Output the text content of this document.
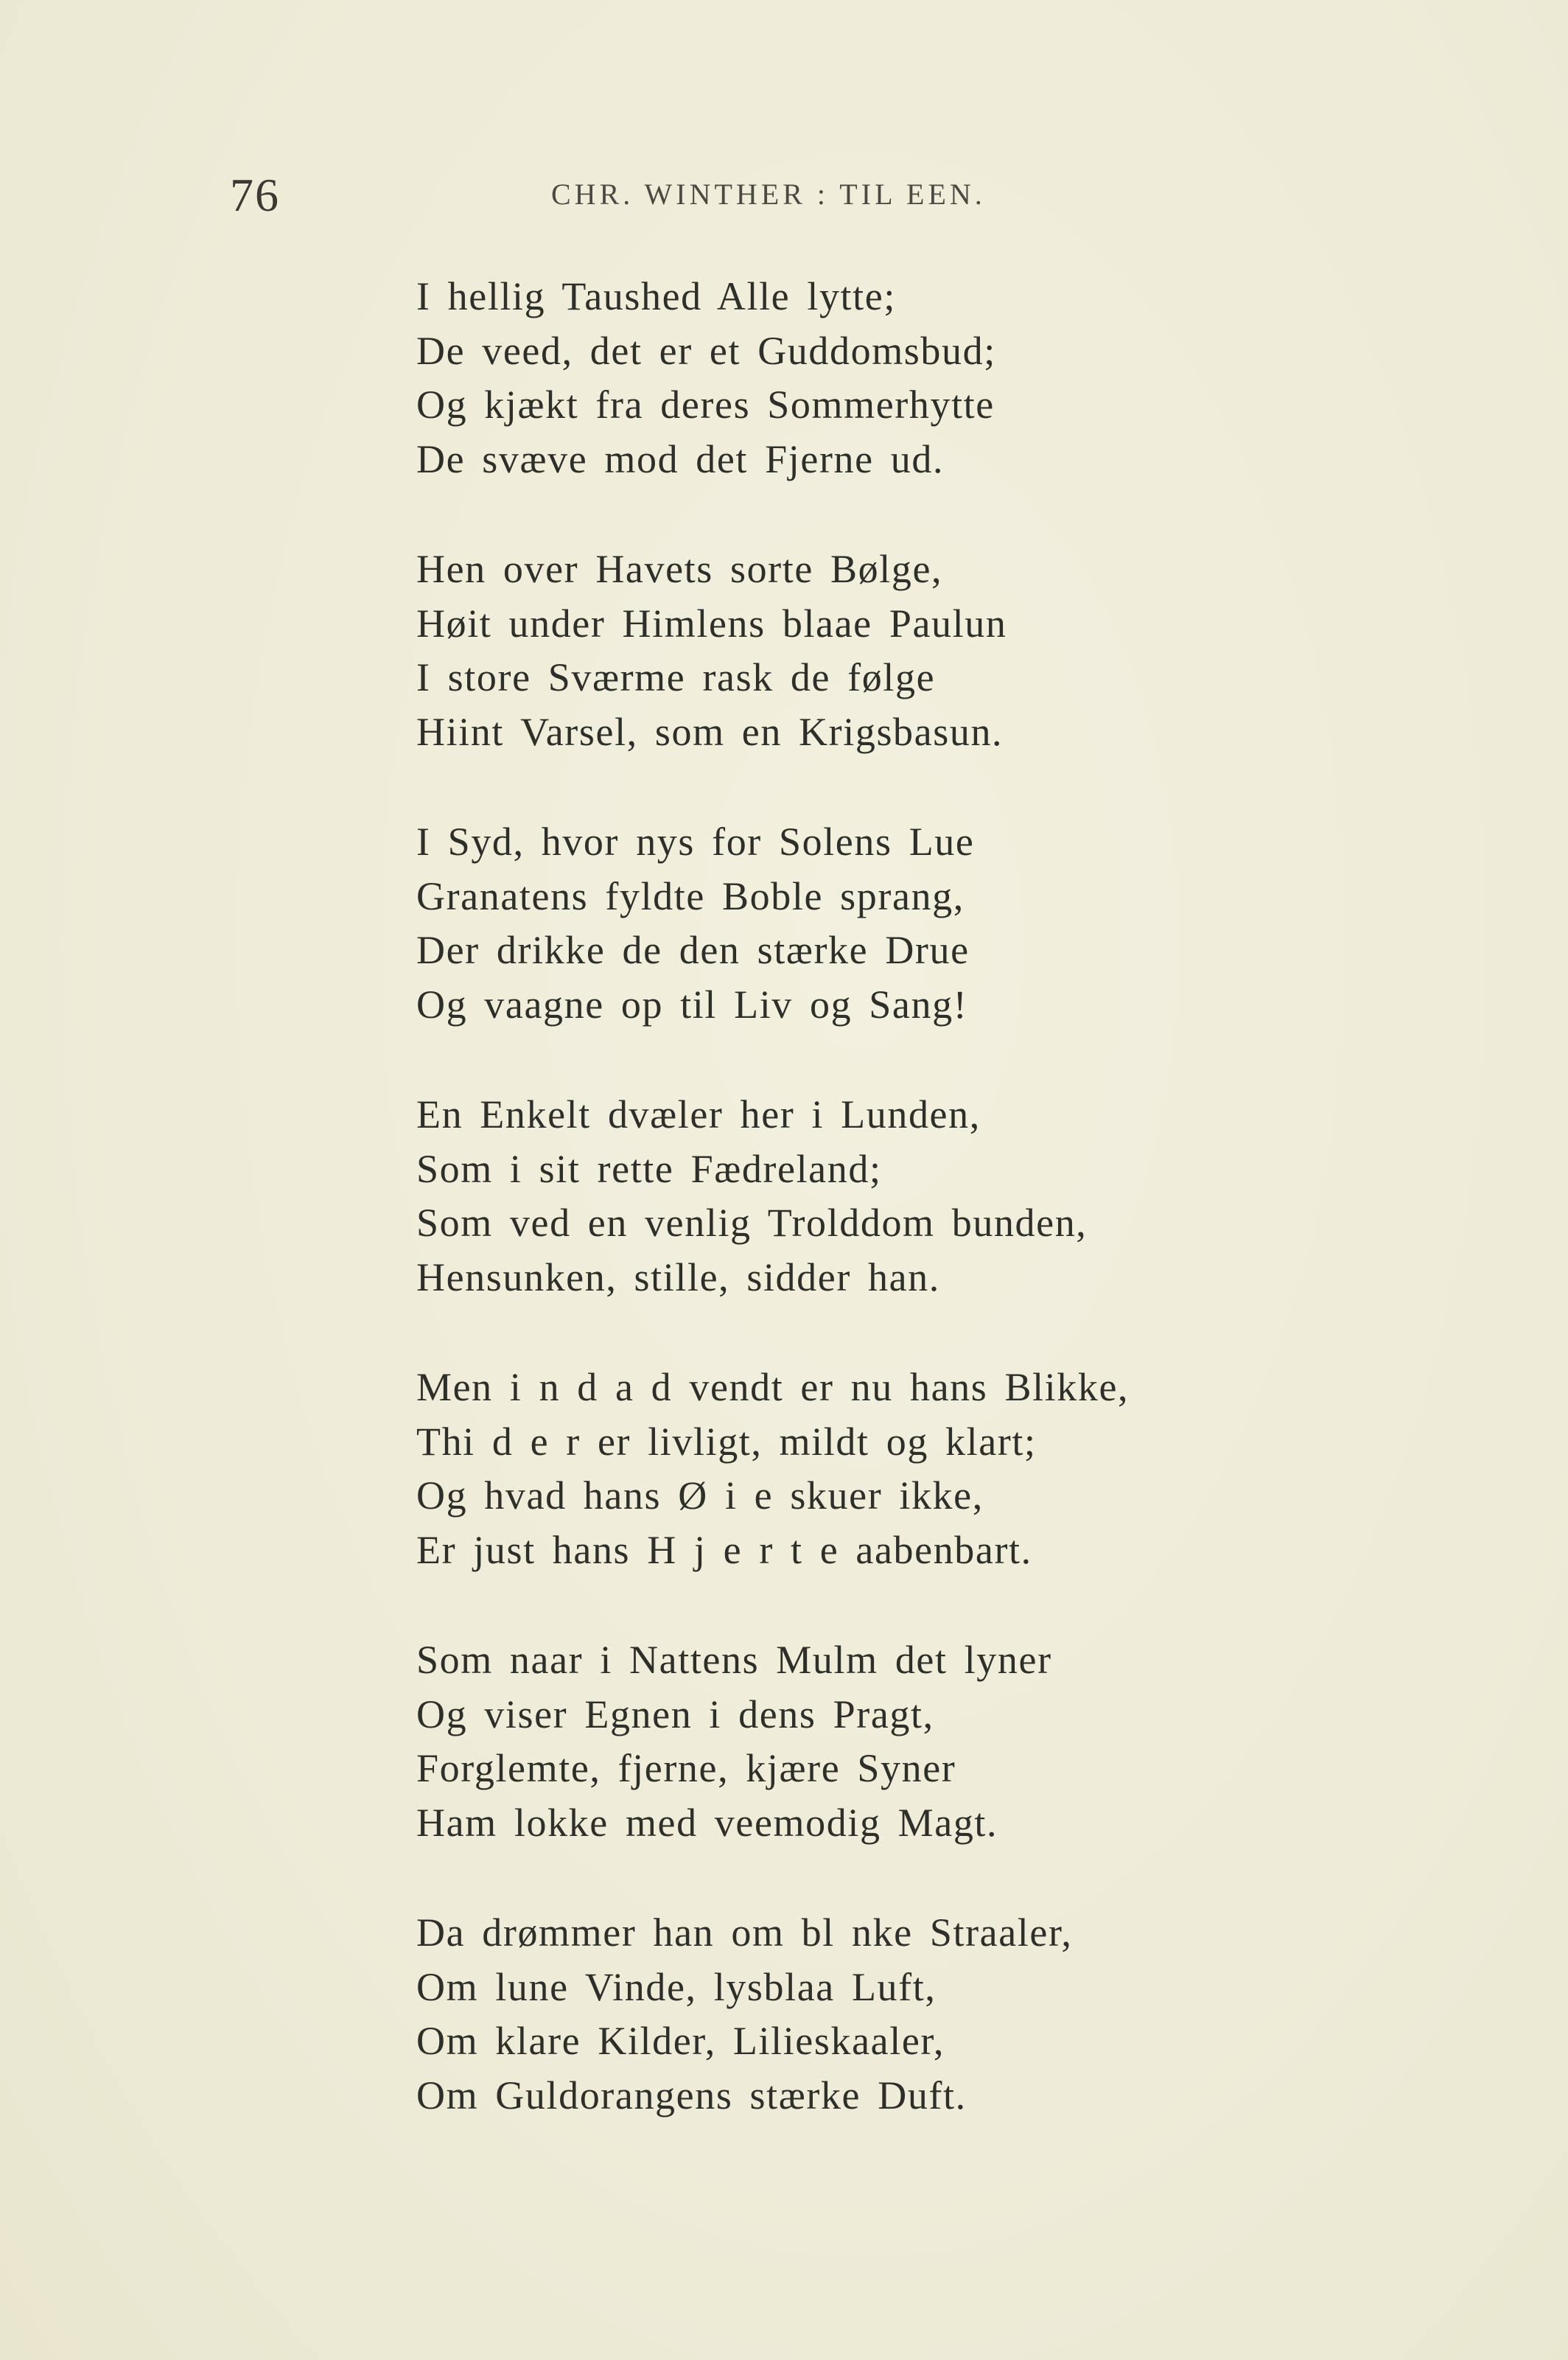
76	CHR. WINTHER : TIL EEN.
I hellig Taushed Alle lytte;
De veed, det er et Guddomsbud;
Og kjækt fra deres Sommerhytte
De svæve mod det Fjerne ud.
Hen over Havets sorte Bølge,
Høit under Himlens blaae Paulun
I store Sværme rask de følge
Hiint Varsel, som en Krigsbasun.
I Syd, hvor nys for Solens Lue
Granatens fyldte Boble sprang,
Der drikke de den stærke Drue
Og vaagne op til Liv og Sang!
En Enkelt dvæler her i Lunden,
Som i sit rette Fædreland;
Som ved en venlig Trolddom bunden,
Hensunken, stille, sidder han.
Men i n d a d vendt er nu hans Blikke,
Thi d e r er livligt, mildt og klart;
Og hvad hans Ø i e skuer ikke,
Er just hans H j e r t e aabenbart.
Som naar i Nattens Mulm det lyner
Og viser Egnen i dens Pragt,
Forglemte, fjerne, kjære Syner
Ham lokke med veemodig Magt.
Da drømmer han om bl nke Straaler,
Om lune Vinde, lysblaa Luft,
Om klare Kilder, Lilieskaaler,
Om Guldorangens stærke Duft.
